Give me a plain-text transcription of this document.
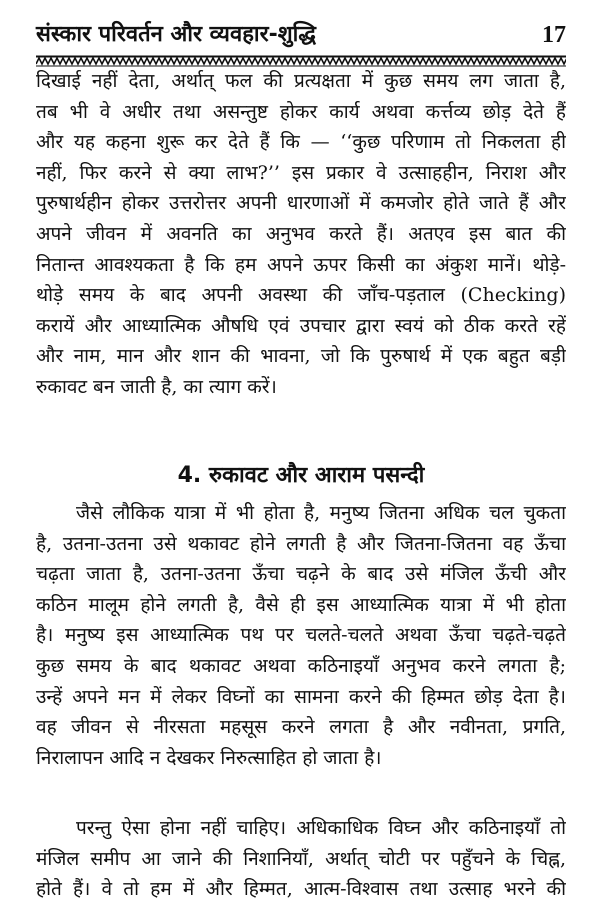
संस्कार परिवर्तन और व्यवहार-शुद्धि	17
दिखाई नहीं देता, अर्थात् फल की प्रत्यक्षता में कुछ समय लग जाता है,
तब भी वे अधीर तथा असन्तुष्ट होकर कार्य अथवा कर्त्तव्य छोड़ देते हैं
और यह कहना शुरू कर देते हैं कि — ‘‘कुछ परिणाम तो निकलता ही
नहीं, फिर करने से क्या लाभ?’’ इस प्रकार वे उत्साहहीन, निराश और
पुरुषार्थहीन होकर उत्तरोत्तर अपनी धारणाओं में कमजोर होते जाते हैं और
अपने जीवन में अवनति का अनुभव करते हैं। अतएव इस बात की
नितान्त आवश्यकता है कि हम अपने ऊपर किसी का अंकुश मानें। थोड़े-
थोड़े समय के बाद अपनी अवस्था की जाँच-पड़ताल (Checking)
करायें और आध्यात्मिक औषधि एवं उपचार द्वारा स्वयं को ठीक करते रहें
और नाम, मान और शान की भावना, जो कि पुरुषार्थ में एक बहुत बड़ी
रुकावट बन जाती है, का त्याग करें।
4. रुकावट और आराम पसन्दी
जैसे लौकिक यात्रा में भी होता है, मनुष्य जितना अधिक चल चुकता
है, उतना-उतना उसे थकावट होने लगती है और जितना-जितना वह ऊँचा
चढ़ता जाता है, उतना-उतना ऊँचा चढ़ने के बाद उसे मंजिल ऊँची और
कठिन मालूम होने लगती है, वैसे ही इस आध्यात्मिक यात्रा में भी होता
है। मनुष्य इस आध्यात्मिक पथ पर चलते-चलते अथवा ऊँचा चढ़ते-चढ़ते
कुछ समय के बाद थकावट अथवा कठिनाइयाँ अनुभव करने लगता है;
उन्हें अपने मन में लेकर विघ्नों का सामना करने की हिम्मत छोड़ देता है।
वह जीवन से नीरसता महसूस करने लगता है और नवीनता, प्रगति,
निरालापन आदि न देखकर निरुत्साहित हो जाता है।
परन्तु ऐसा होना नहीं चाहिए। अधिकाधिक विघ्न और कठिनाइयाँ तो
मंजिल समीप आ जाने की निशानियाँ, अर्थात् चोटी पर पहुँचने के चिह्न,
होते हैं। वे तो हम में और हिम्मत, आत्म-विश्वास तथा उत्साह भरने की
